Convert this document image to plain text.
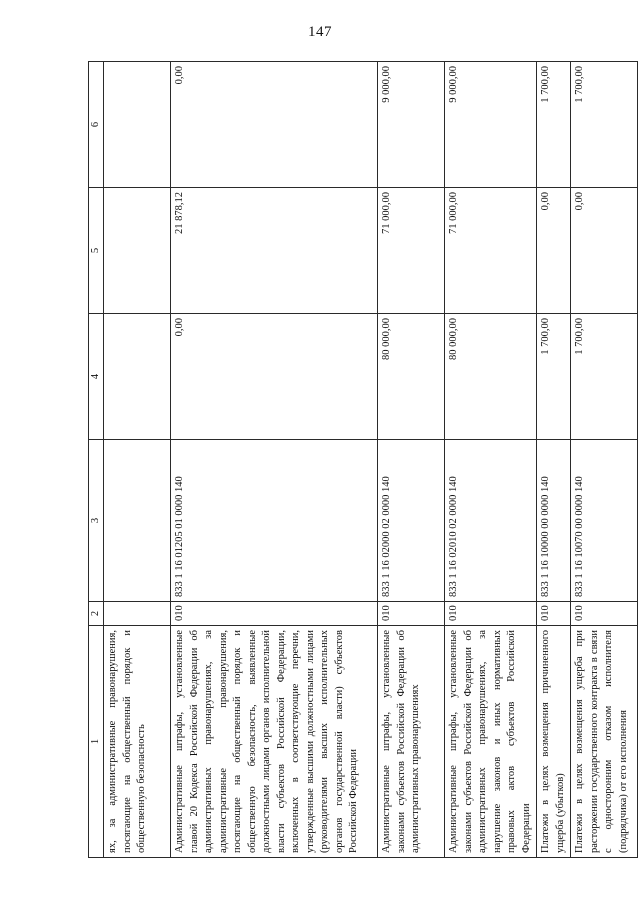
147
1	2	3	4	5	6
ях, за административные правонарушения, посягающие на общественный порядок и общественную безопасность					
Административные штрафы, установленные главой 20 Кодекса Российской Федерации об административных правонарушениях, за административные правонарушения, посягающие на общественный порядок и общественную безопасность, выявленные должностными лицами органов исполнительной власти субъектов Российской Федерации, включенных в соответствующие перечни, утвержденные высшими должностными лицами (руководителями высших исполнительных органов государственной власти) субъектов Российской Федерации	010	833 1 16 01205 01 0000 140	0,00	21 878,12	0,00
Административные штрафы, установленные законами субъектов Российской Федерации об административных правонарушениях	010	833 1 16 02000 02 0000 140	80 000,00	71 000,00	9 000,00
Административные штрафы, установленные законами субъектов Российской Федерации об административных правонарушениях, за нарушение законов и иных нормативных правовых актов субъектов Российской Федерации	010	833 1 16 02010 02 0000 140	80 000,00	71 000,00	9 000,00
Платежи в целях возмещения причиненного ущерба (убытков)	010	833 1 16 10000 00 0000 140	1 700,00	0,00	1 700,00
Платежи в целях возмещения ущерба при расторжении государственного контракта в связи с односторонним отказом исполнителя (подрядчика) от его исполнения	010	833 1 16 10070 00 0000 140	1 700,00	0,00	1 700,00
